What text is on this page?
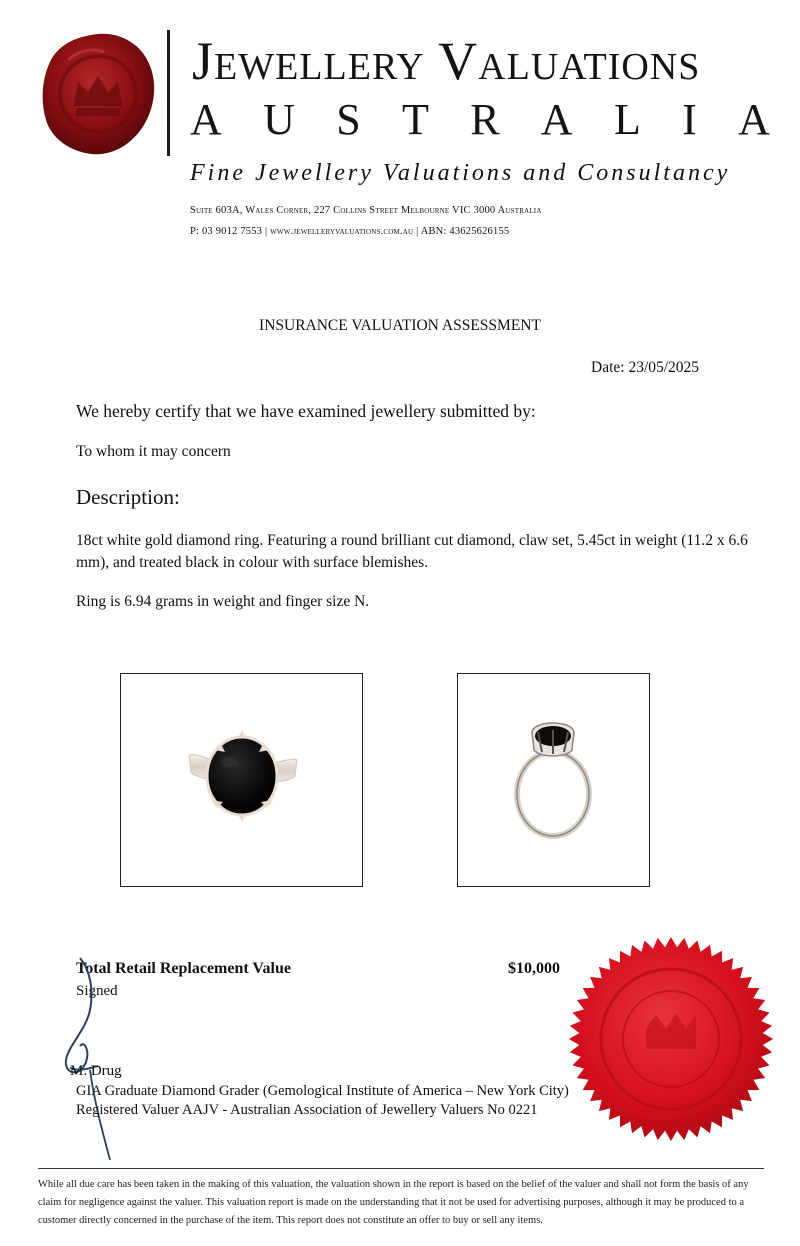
Jewellery Valuations
A U S T R A L I A
Fine Jewellery Valuations and Consultancy
Suite 603A, Wales Corner, 227 Collins Street Melbourne VIC 3000 Australia
P: 03 9012 7553 | www.jewelleryvaluations.com.au | ABN: 43625626155
INSURANCE VALUATION ASSESSMENT
Date: 23/05/2025
We hereby certify that we have examined jewellery submitted by:
To whom it may concern
Description:
18ct white gold diamond ring. Featuring a round brilliant cut diamond, claw set, 5.45ct in weight (11.2 x 6.6 mm), and treated black in colour with surface blemishes.
Ring is 6.94 grams in weight and finger size N.
Total Retail Replacement Value	$10,000
Signed
M. Drug
GIA Graduate Diamond Grader (Gemological Institute of America – New York City)
Registered Valuer AAJV - Australian Association of Jewellery Valuers No 0221
While all due care has been taken in the making of this valuation, the valuation shown in the report is based on the belief of the valuer and shall not form the basis of any claim for negligence against the valuer. This valuation report is made on the understanding that it not be used for advertising purposes, although it may be produced to a customer directly concerned in the purchase of the item. This report does not constitute an offer to buy or sell any items.
